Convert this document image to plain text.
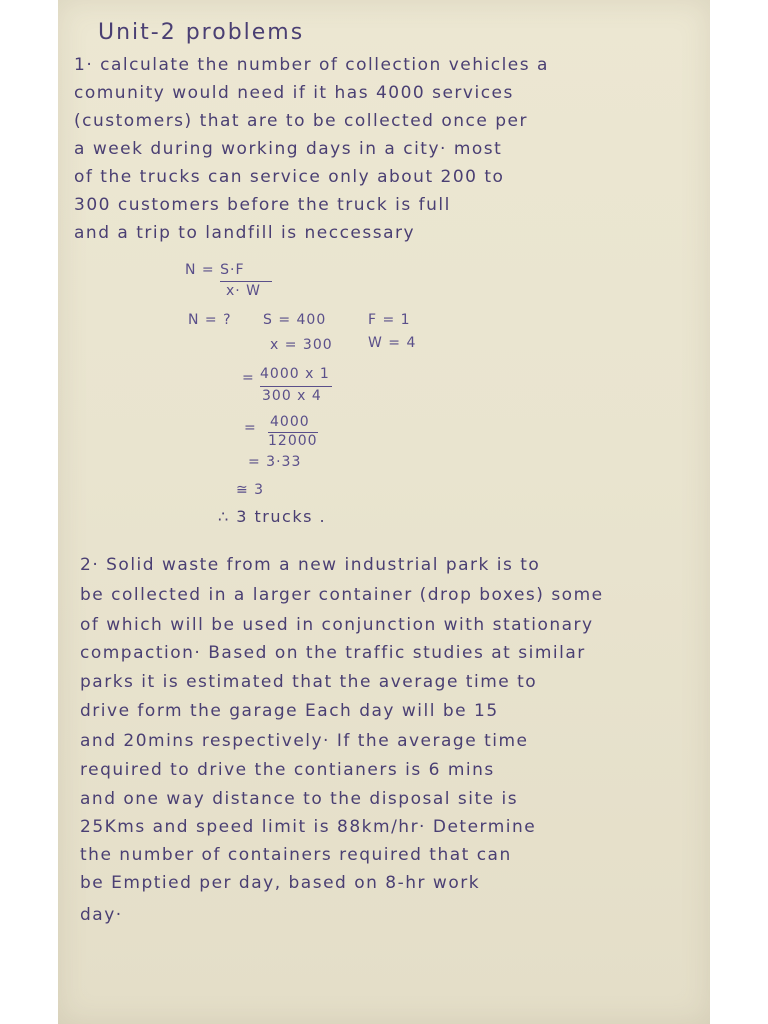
Unit-2 problems
1· calculate the number of collection vehicles a
comunity would need if it has 4000 services
(customers) that are to be collected once per
a week during working days in a city· most
of the trucks can service only about 200 to
300 customers before the truck is full
and a trip to landfill is neccessary
N = S·F
x· W
N = ? S = 400	F = 1
x = 300	W = 4
= 4000 x 1
300 x 4
= 4000
12000
= 3·33
≅ 3
∴ 3 trucks .
2· Solid waste from a new industrial park is to
be collected in a larger container (drop boxes) some
of which will be used in conjunction with stationary
compaction· Based on the traffic studies at similar
parks it is estimated that the average time to
drive form the garage Each day will be 15
and 20mins respectively· If the average time
required to drive the contianers is 6 mins
and one way distance to the disposal site is
25Kms and speed limit is 88km/hr· Determine
the number of containers required that can
be Emptied per day, based on 8-hr work
day·
